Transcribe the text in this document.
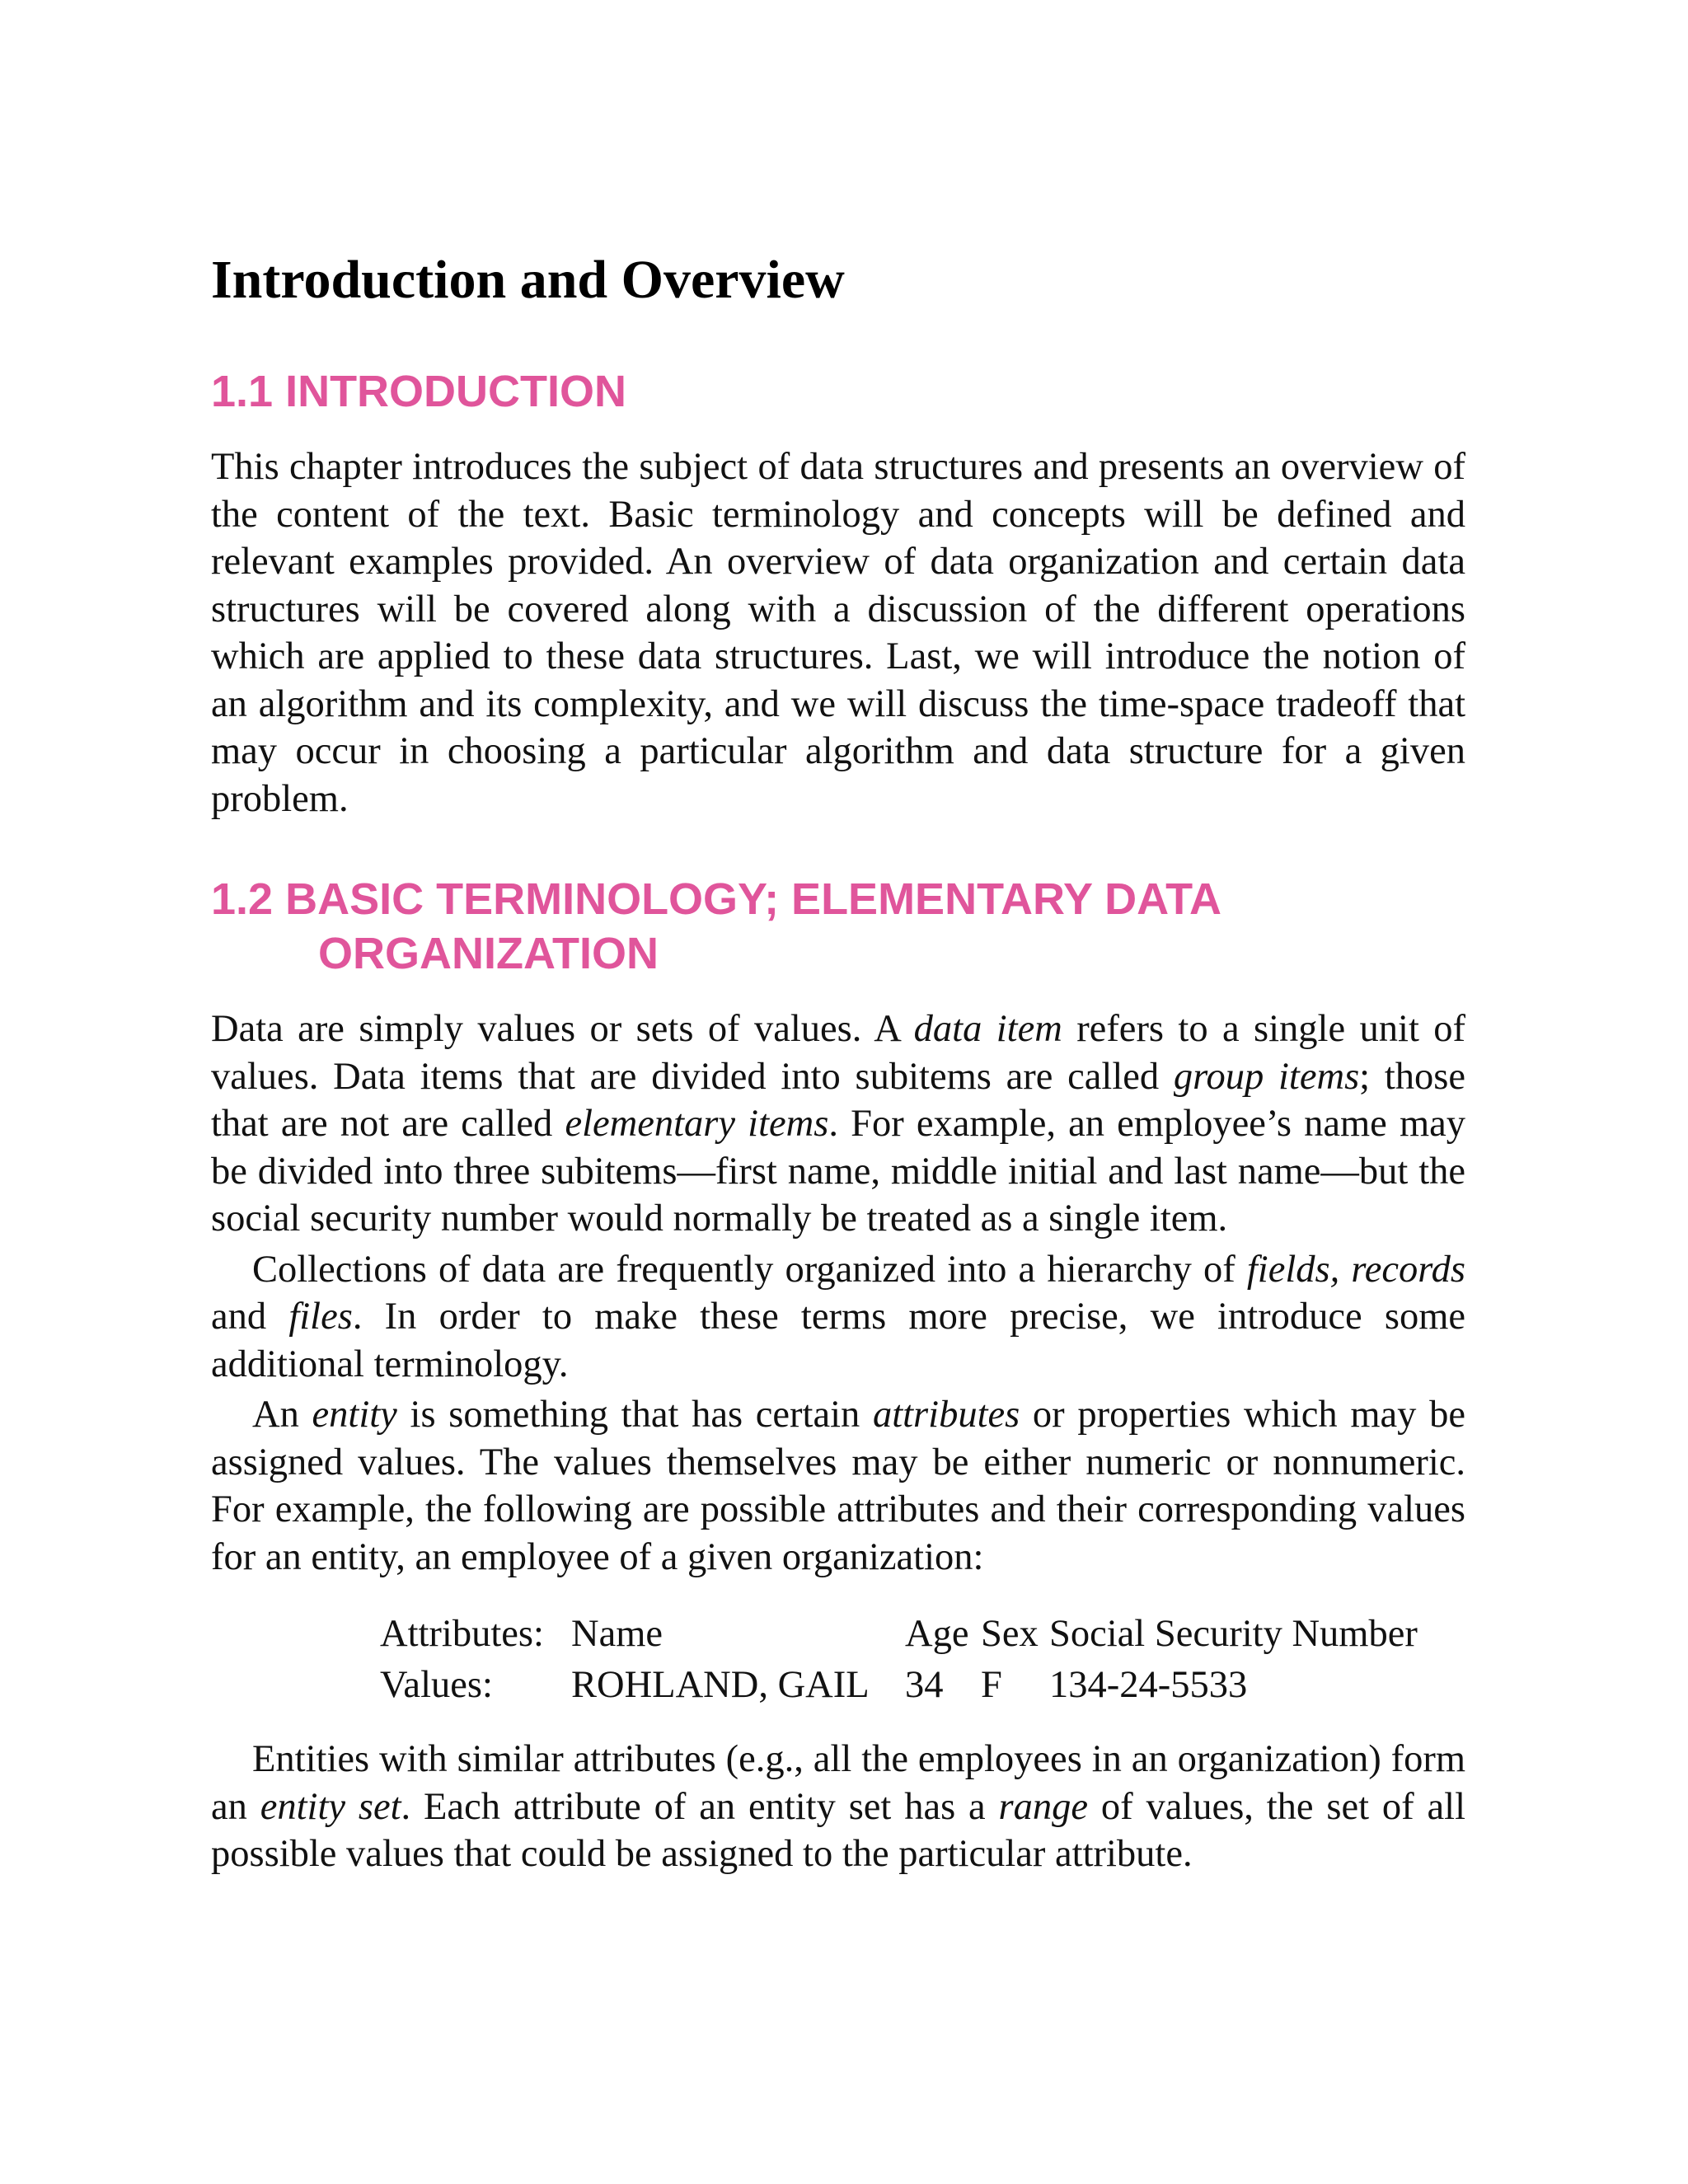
Introduction and Overview
1.1 INTRODUCTION

This chapter introduces the subject of data structures and presents an overview of the content of the text. Basic terminology and concepts will be defined and relevant examples provided. An overview of data organization and certain data structures will be covered along with a discussion of the different operations which are applied to these data structures. Last, we will introduce the notion of an algorithm and its complexity, and we will discuss the time-space tradeoff that may occur in choosing a particular algorithm and data structure for a given problem.

1.2 BASIC TERMINOLOGY; ELEMENTARY DATA
ORGANIZATION

Data are simply values or sets of values. A data item refers to a single unit of values. Data items that are divided into subitems are called group items; those that are not are called elementary items. For example, an employee’s name may be divided into three subitems—first name, middle initial and last name—but the social security number would normally be treated as a single item.

Collections of data are frequently organized into a hierarchy of fields, records and files. In order to make these terms more precise, we introduce some additional terminology.

An entity is something that has certain attributes or properties which may be assigned values. The values themselves may be either numeric or nonnumeric. For example, the following are possible attributes and their corresponding values for an entity, an employee of a given organization:

Attributes:	Name	Age	Sex	Social Security Number
Values:	ROHLAND, GAIL	34	F	134-24-5533

Entities with similar attributes (e.g., all the employees in an organization) form an entity set. Each attribute of an entity set has a range of values, the set of all possible values that could be assigned to the particular attribute.
